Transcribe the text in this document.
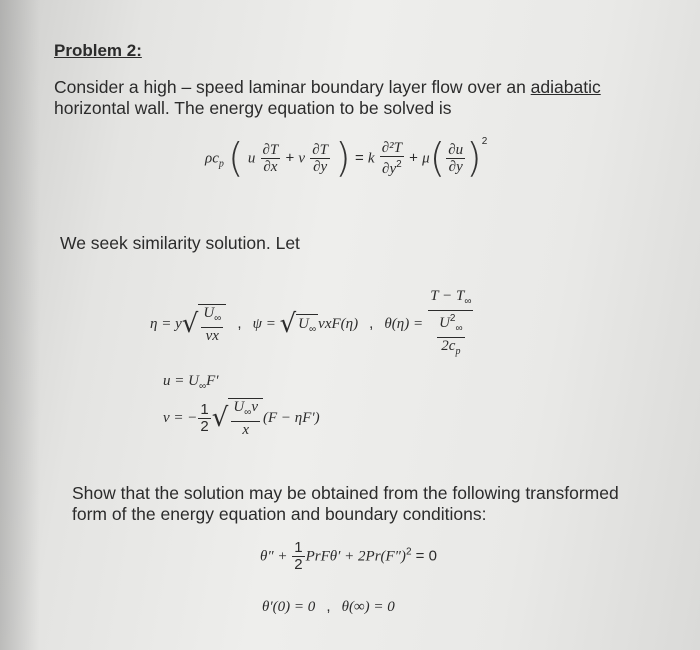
Problem 2:
Consider a high – speed laminar boundary layer flow over an adiabatic
horizontal wall. The energy equation to be solved is
$\rho c_p$ ( u $\frac{\partial T}{\partial x} + v \frac{\partial T}{\partial y}$ ) = k $\frac{\text{∂²T}}{\partial y^2} + \mu( \frac{\partial u}{\partial y} )^2$
We seek similarity solution. Let
$\eta = y√ \frac{U_\infty}{\nu x}$ , ψ = √ $U_\infty$ νxF(η) , $\theta(\eta) = \frac{T - T_\infty}{\frac{U^2_\infty}{2c_p}}$
$u = U_\infty F'$
v = − $\frac{1}{2}$ √ $\frac{U_\infty\nu}{x} (F - \eta F')$
Show that the solution may be obtained from the following transformed
form of the energy equation and boundary conditions:
$\theta'' + \frac{1}{2} PrF\theta' + 2Pr(F'')^2 = 0$
θ′(0) = 0 , θ(∞) = 0
